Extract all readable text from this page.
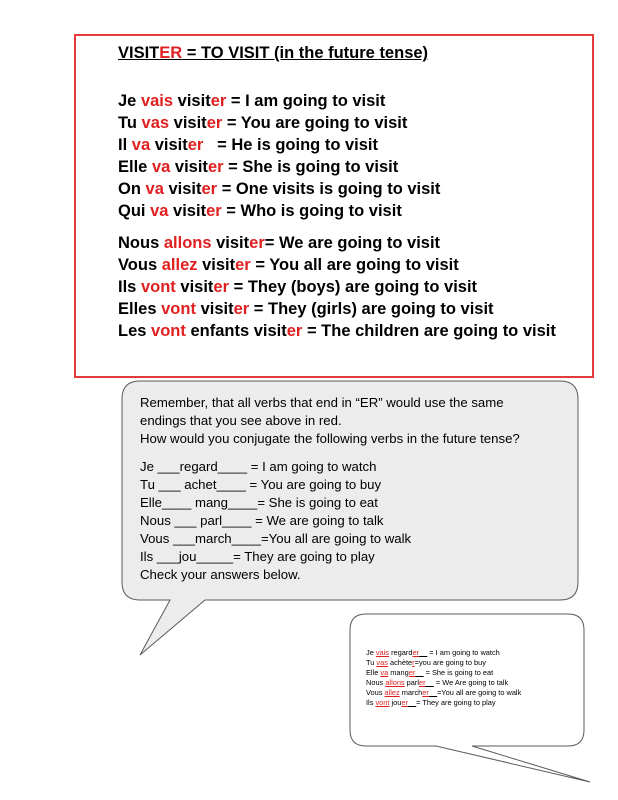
VISITER = TO VISIT (in the future tense)
Je vais visiter = I am going to visit
Tu vas visiter = You are going to visit
Il va visiter   = He is going to visit
Elle va visiter = She is going to visit
On va visiter = One visits is going to visit
Qui va visiter = Who is going to visit
Nous allons visiter= We are going to visit
Vous allez visiter = You all are going to visit
Ils vont visiter = They (boys) are going to visit
Elles vont visiter = They (girls) are going to visit
Les vont enfants visiter = The children are going to visit

Remember, that all verbs that end in “ER” would use the same

endings that you see above in red.

How would you conjugate the following verbs in the future tense?

Je ___regard____ = I am going to watch
Tu ___ achet____ = You are going to buy
Elle____ mang____= She is going to eat
Nous ___ parl____ = We are going to talk
Vous ___march____=You all are going to walk
Ils ___jou_____= They are going to play

Check your answers below.

Je vais regarder__ = I am going to watch
Tu vas achèter=you are going to buy
Elle va manger__ = She is going to eat
Nous allons parler__ = We Are going to talk
Vous allez marcher__=You all are going to walk
Ils vont jouer__= They are going to play
